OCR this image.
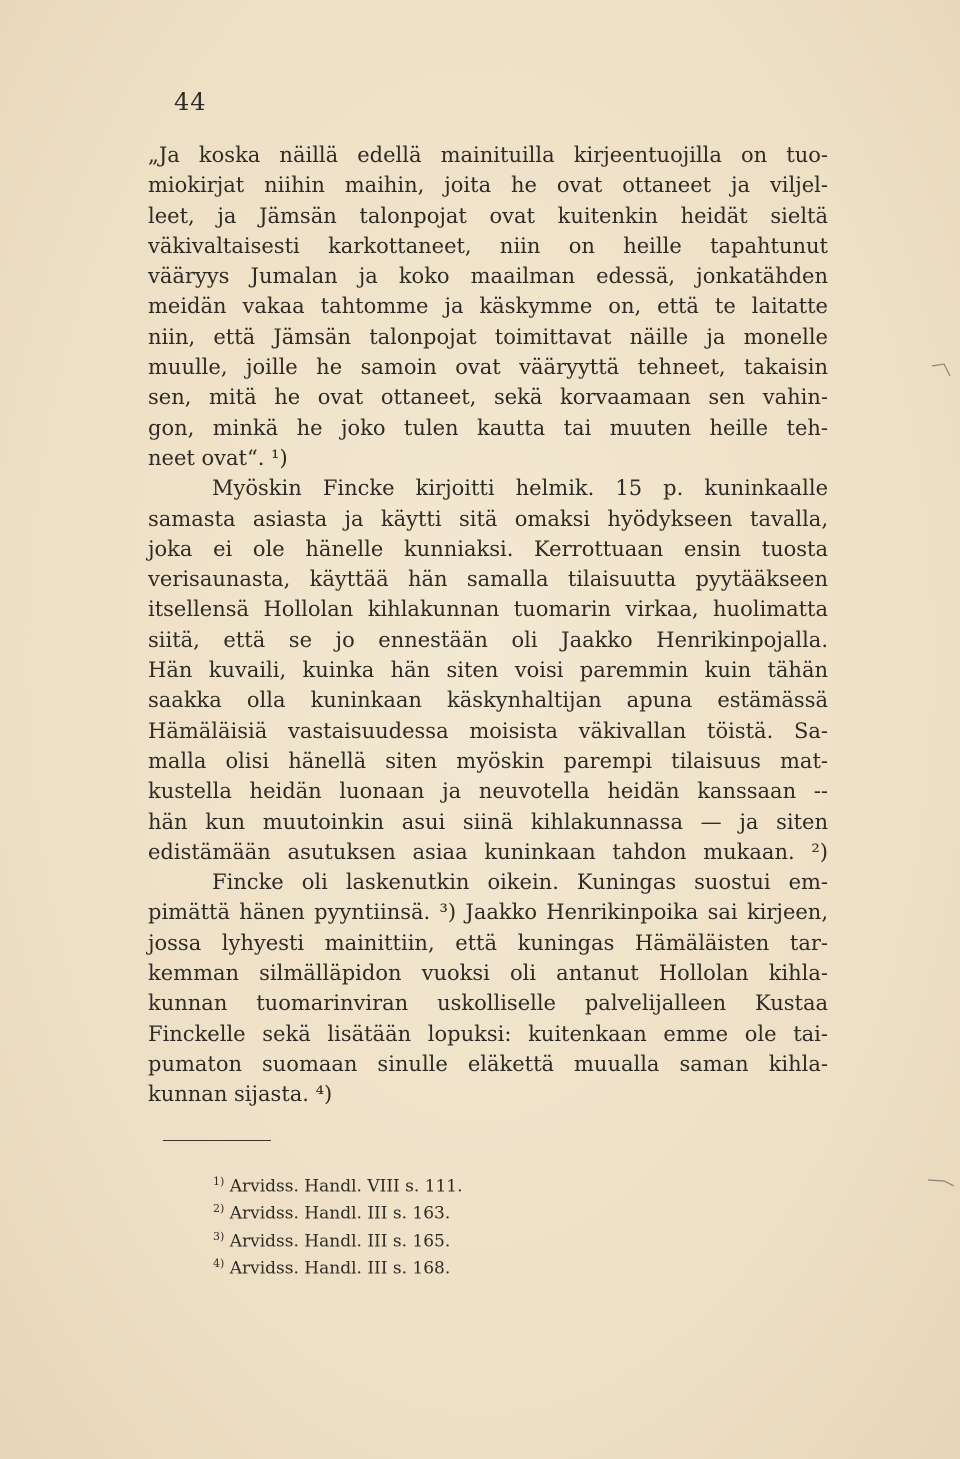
44
„Ja koska näillä edellä mainituilla kirjeentuojilla on tuo-
miokirjat niihin maihin, joita he ovat ottaneet ja viljel-
leet, ja Jämsän talonpojat ovat kuitenkin heidät sieltä
väkivaltaisesti karkottaneet, niin on heille tapahtunut
vääryys Jumalan ja koko maailman edessä, jonkatähden
meidän vakaa tahtomme ja käskymme on, että te laitatte
niin, että Jämsän talonpojat toimittavat näille ja monelle
muulle, joille he samoin ovat vääryyttä tehneet, takaisin
sen, mitä he ovat ottaneet, sekä korvaamaan sen vahin-
gon, minkä he joko tulen kautta tai muuten heille teh-
neet ovat“. ¹)
Myöskin Fincke kirjoitti helmik. 15 p. kuninkaalle
samasta asiasta ja käytti sitä omaksi hyödykseen tavalla,
joka ei ole hänelle kunniaksi. Kerrottuaan ensin tuosta
verisaunasta, käyttää hän samalla tilaisuutta pyytääkseen
itsellensä Hollolan kihlakunnan tuomarin virkaa, huolimatta
siitä, että se jo ennestään oli Jaakko Henrikinpojalla.
Hän kuvaili, kuinka hän siten voisi paremmin kuin tähän
saakka olla kuninkaan käskynhaltijan apuna estämässä
Hämäläisiä vastaisuudessa moisista väkivallan töistä. Sa-
malla olisi hänellä siten myöskin parempi tilaisuus mat-
kustella heidän luonaan ja neuvotella heidän kanssaan --
hän kun muutoinkin asui siinä kihlakunnassa — ja siten
edistämään asutuksen asiaa kuninkaan tahdon mukaan. ²)
Fincke oli laskenutkin oikein. Kuningas suostui em-
pimättä hänen pyyntiinsä. ³) Jaakko Henrikinpoika sai kirjeen,
jossa lyhyesti mainittiin, että kuningas Hämäläisten tar-
kemman silmälläpidon vuoksi oli antanut Hollolan kihla-
kunnan tuomarinviran uskolliselle palvelijalleen Kustaa
Finckelle sekä lisätään lopuksi: kuitenkaan emme ole tai-
pumaton suomaan sinulle eläkettä muualla saman kihla-
kunnan sijasta. ⁴)
$^{1)}$ Arvidss. Handl. VIII s. 111.
$^{2)}$ Arvidss. Handl. III s. 163.
$^{3)}$ Arvidss. Handl. III s. 165.
$^{4)}$ Arvidss. Handl. III s. 168.
